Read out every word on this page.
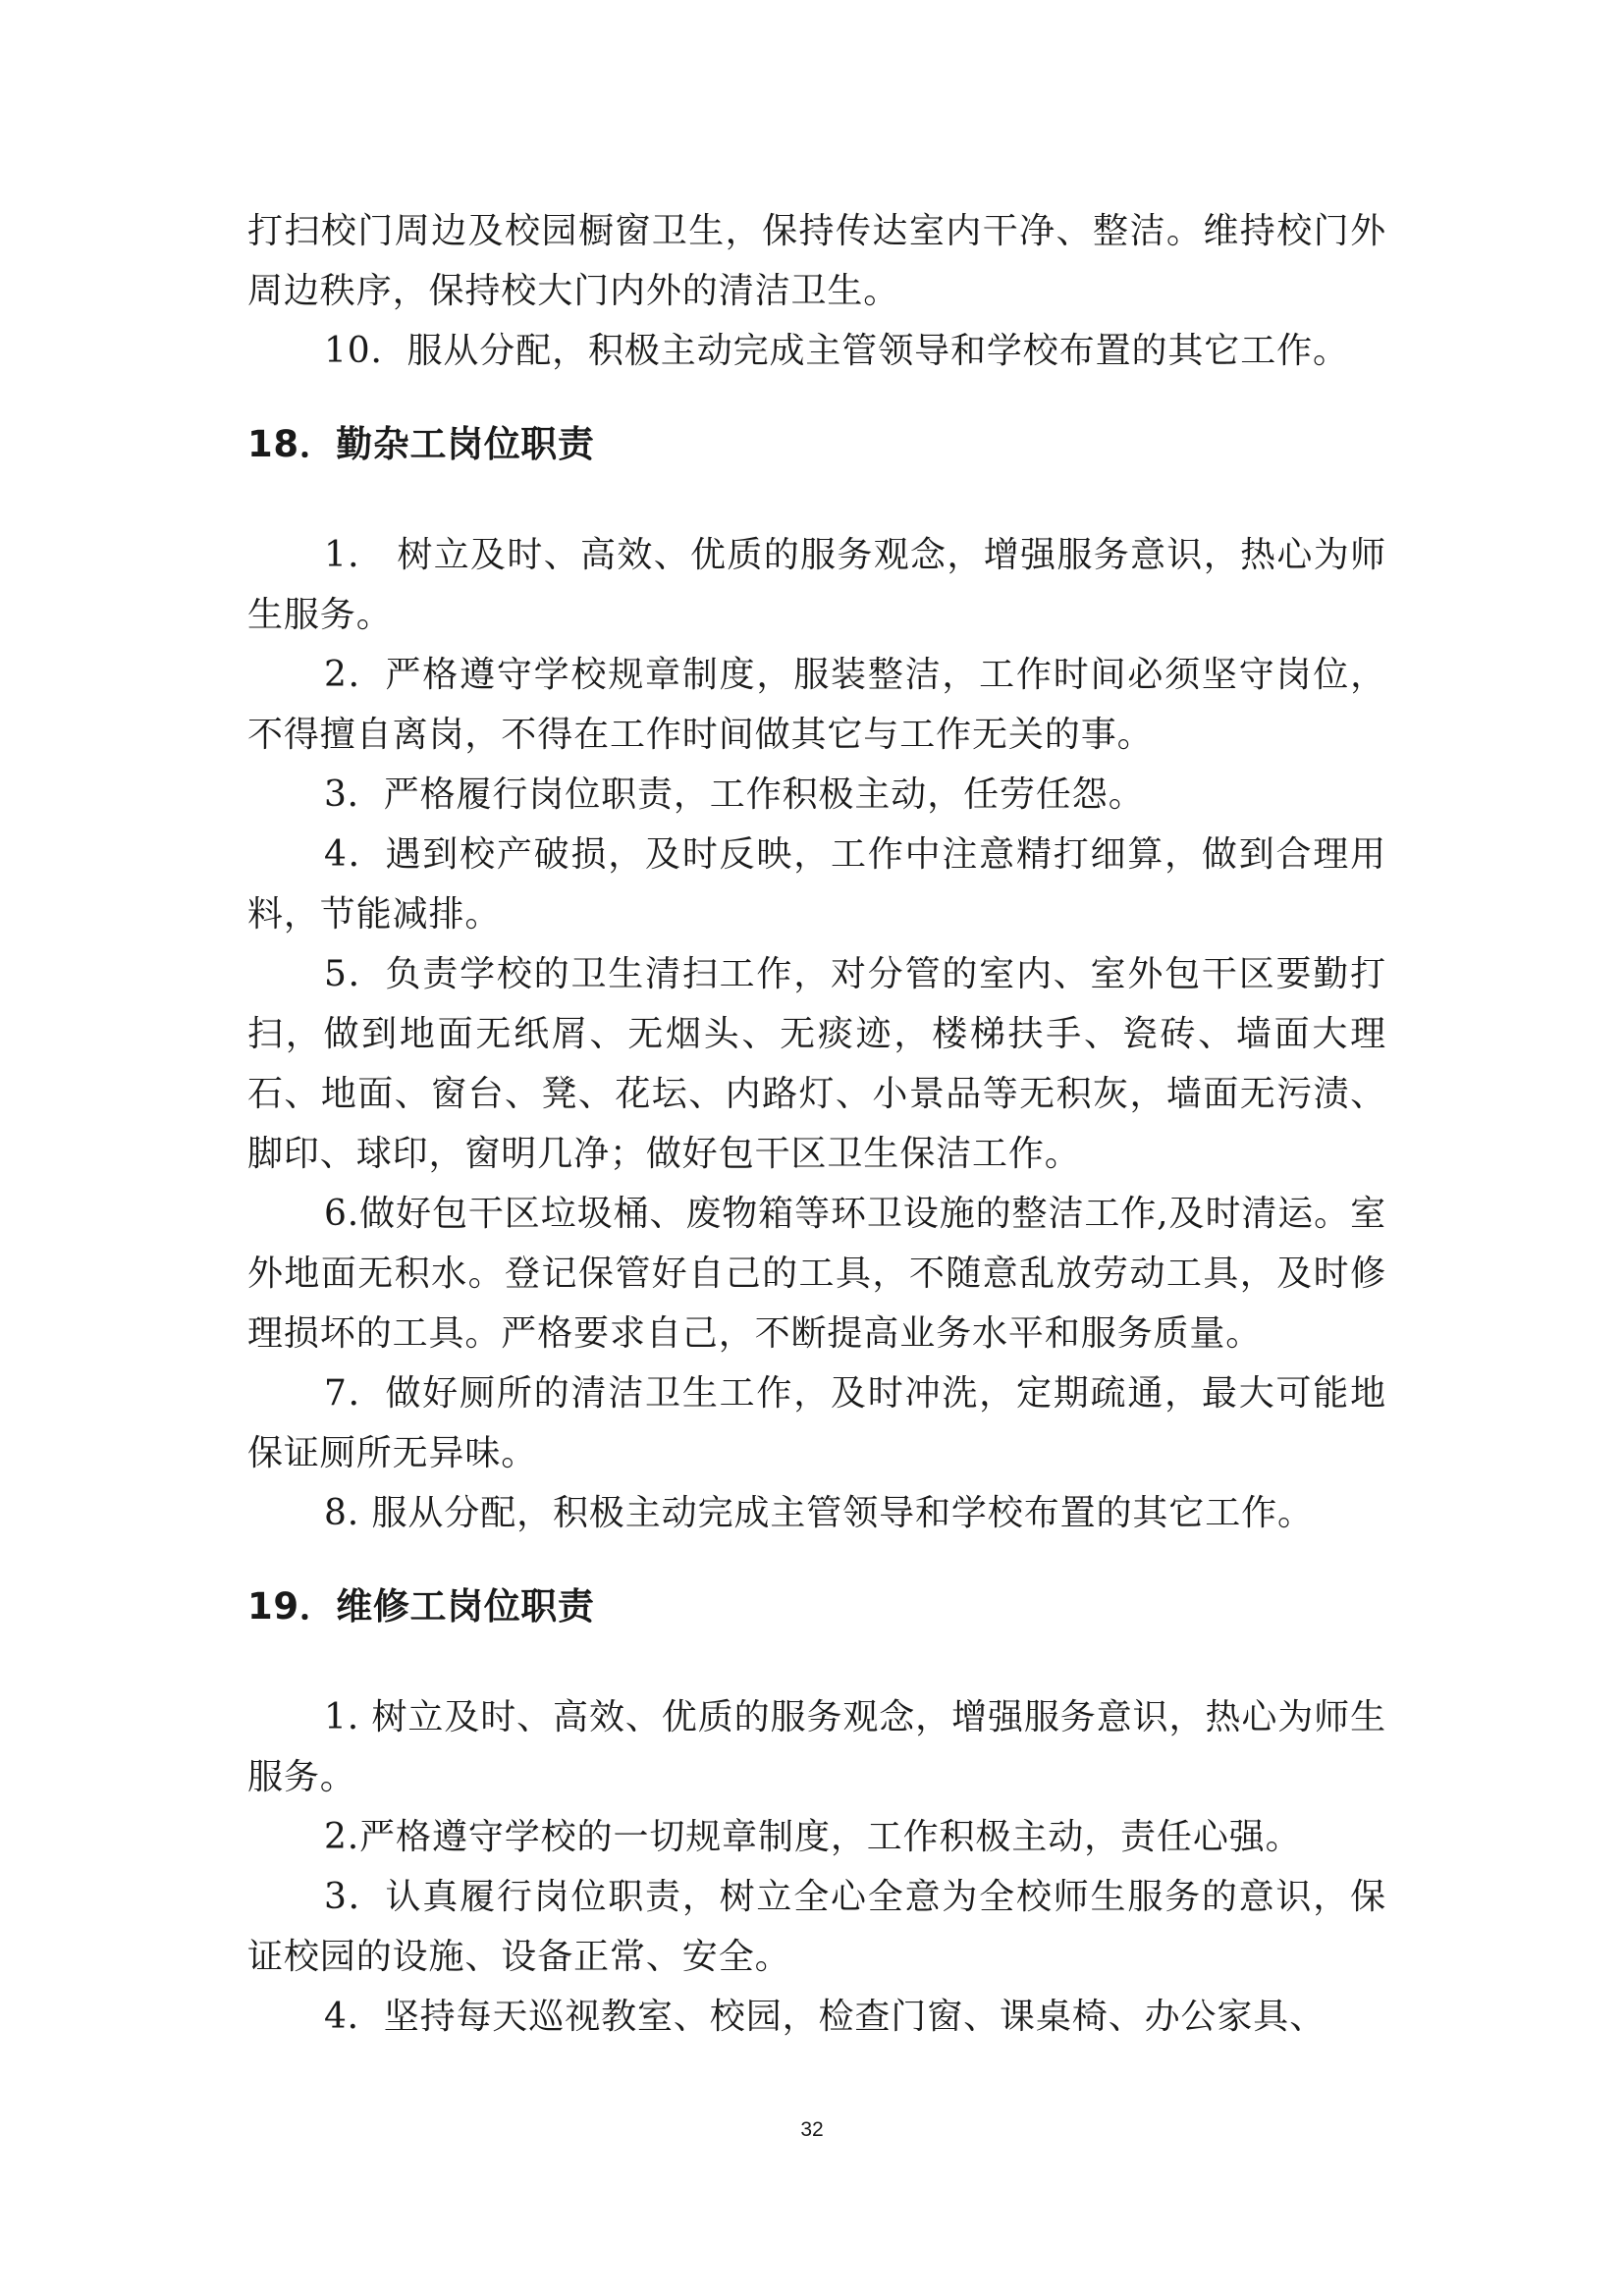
打扫校门周边及校园橱窗卫生，保持传达室内干净、整洁。维持校门外周边秩序，保持校大门内外的清洁卫生。

10．服从分配，积极主动完成主管领导和学校布置的其它工作。

18．勤杂工岗位职责

1． 树立及时、高效、优质的服务观念，增强服务意识，热心为师生服务。

2．严格遵守学校规章制度，服装整洁，工作时间必须坚守岗位，不得擅自离岗，不得在工作时间做其它与工作无关的事。

3．严格履行岗位职责，工作积极主动，任劳任怨。

4．遇到校产破损，及时反映，工作中注意精打细算，做到合理用料，节能减排。

5．负责学校的卫生清扫工作，对分管的室内、室外包干区要勤打扫，做到地面无纸屑、无烟头、无痰迹，楼梯扶手、瓷砖、墙面大理石、地面、窗台、凳、花坛、内路灯、小景品等无积灰，墙面无污渍、脚印、球印，窗明几净；做好包干区卫生保洁工作。

6.做好包干区垃圾桶、废物箱等环卫设施的整洁工作,及时清运。室外地面无积水。登记保管好自己的工具，不随意乱放劳动工具，及时修理损坏的工具。严格要求自己，不断提高业务水平和服务质量。

7．做好厕所的清洁卫生工作，及时冲洗，定期疏通，最大可能地保证厕所无异味。

8. 服从分配，积极主动完成主管领导和学校布置的其它工作。

19．维修工岗位职责

1. 树立及时、高效、优质的服务观念，增强服务意识，热心为师生服务。

2.严格遵守学校的一切规章制度，工作积极主动，责任心强。

3．认真履行岗位职责，树立全心全意为全校师生服务的意识，保证校园的设施、设备正常、安全。

4．坚持每天巡视教室、校园，检查门窗、课桌椅、办公家具、

32
